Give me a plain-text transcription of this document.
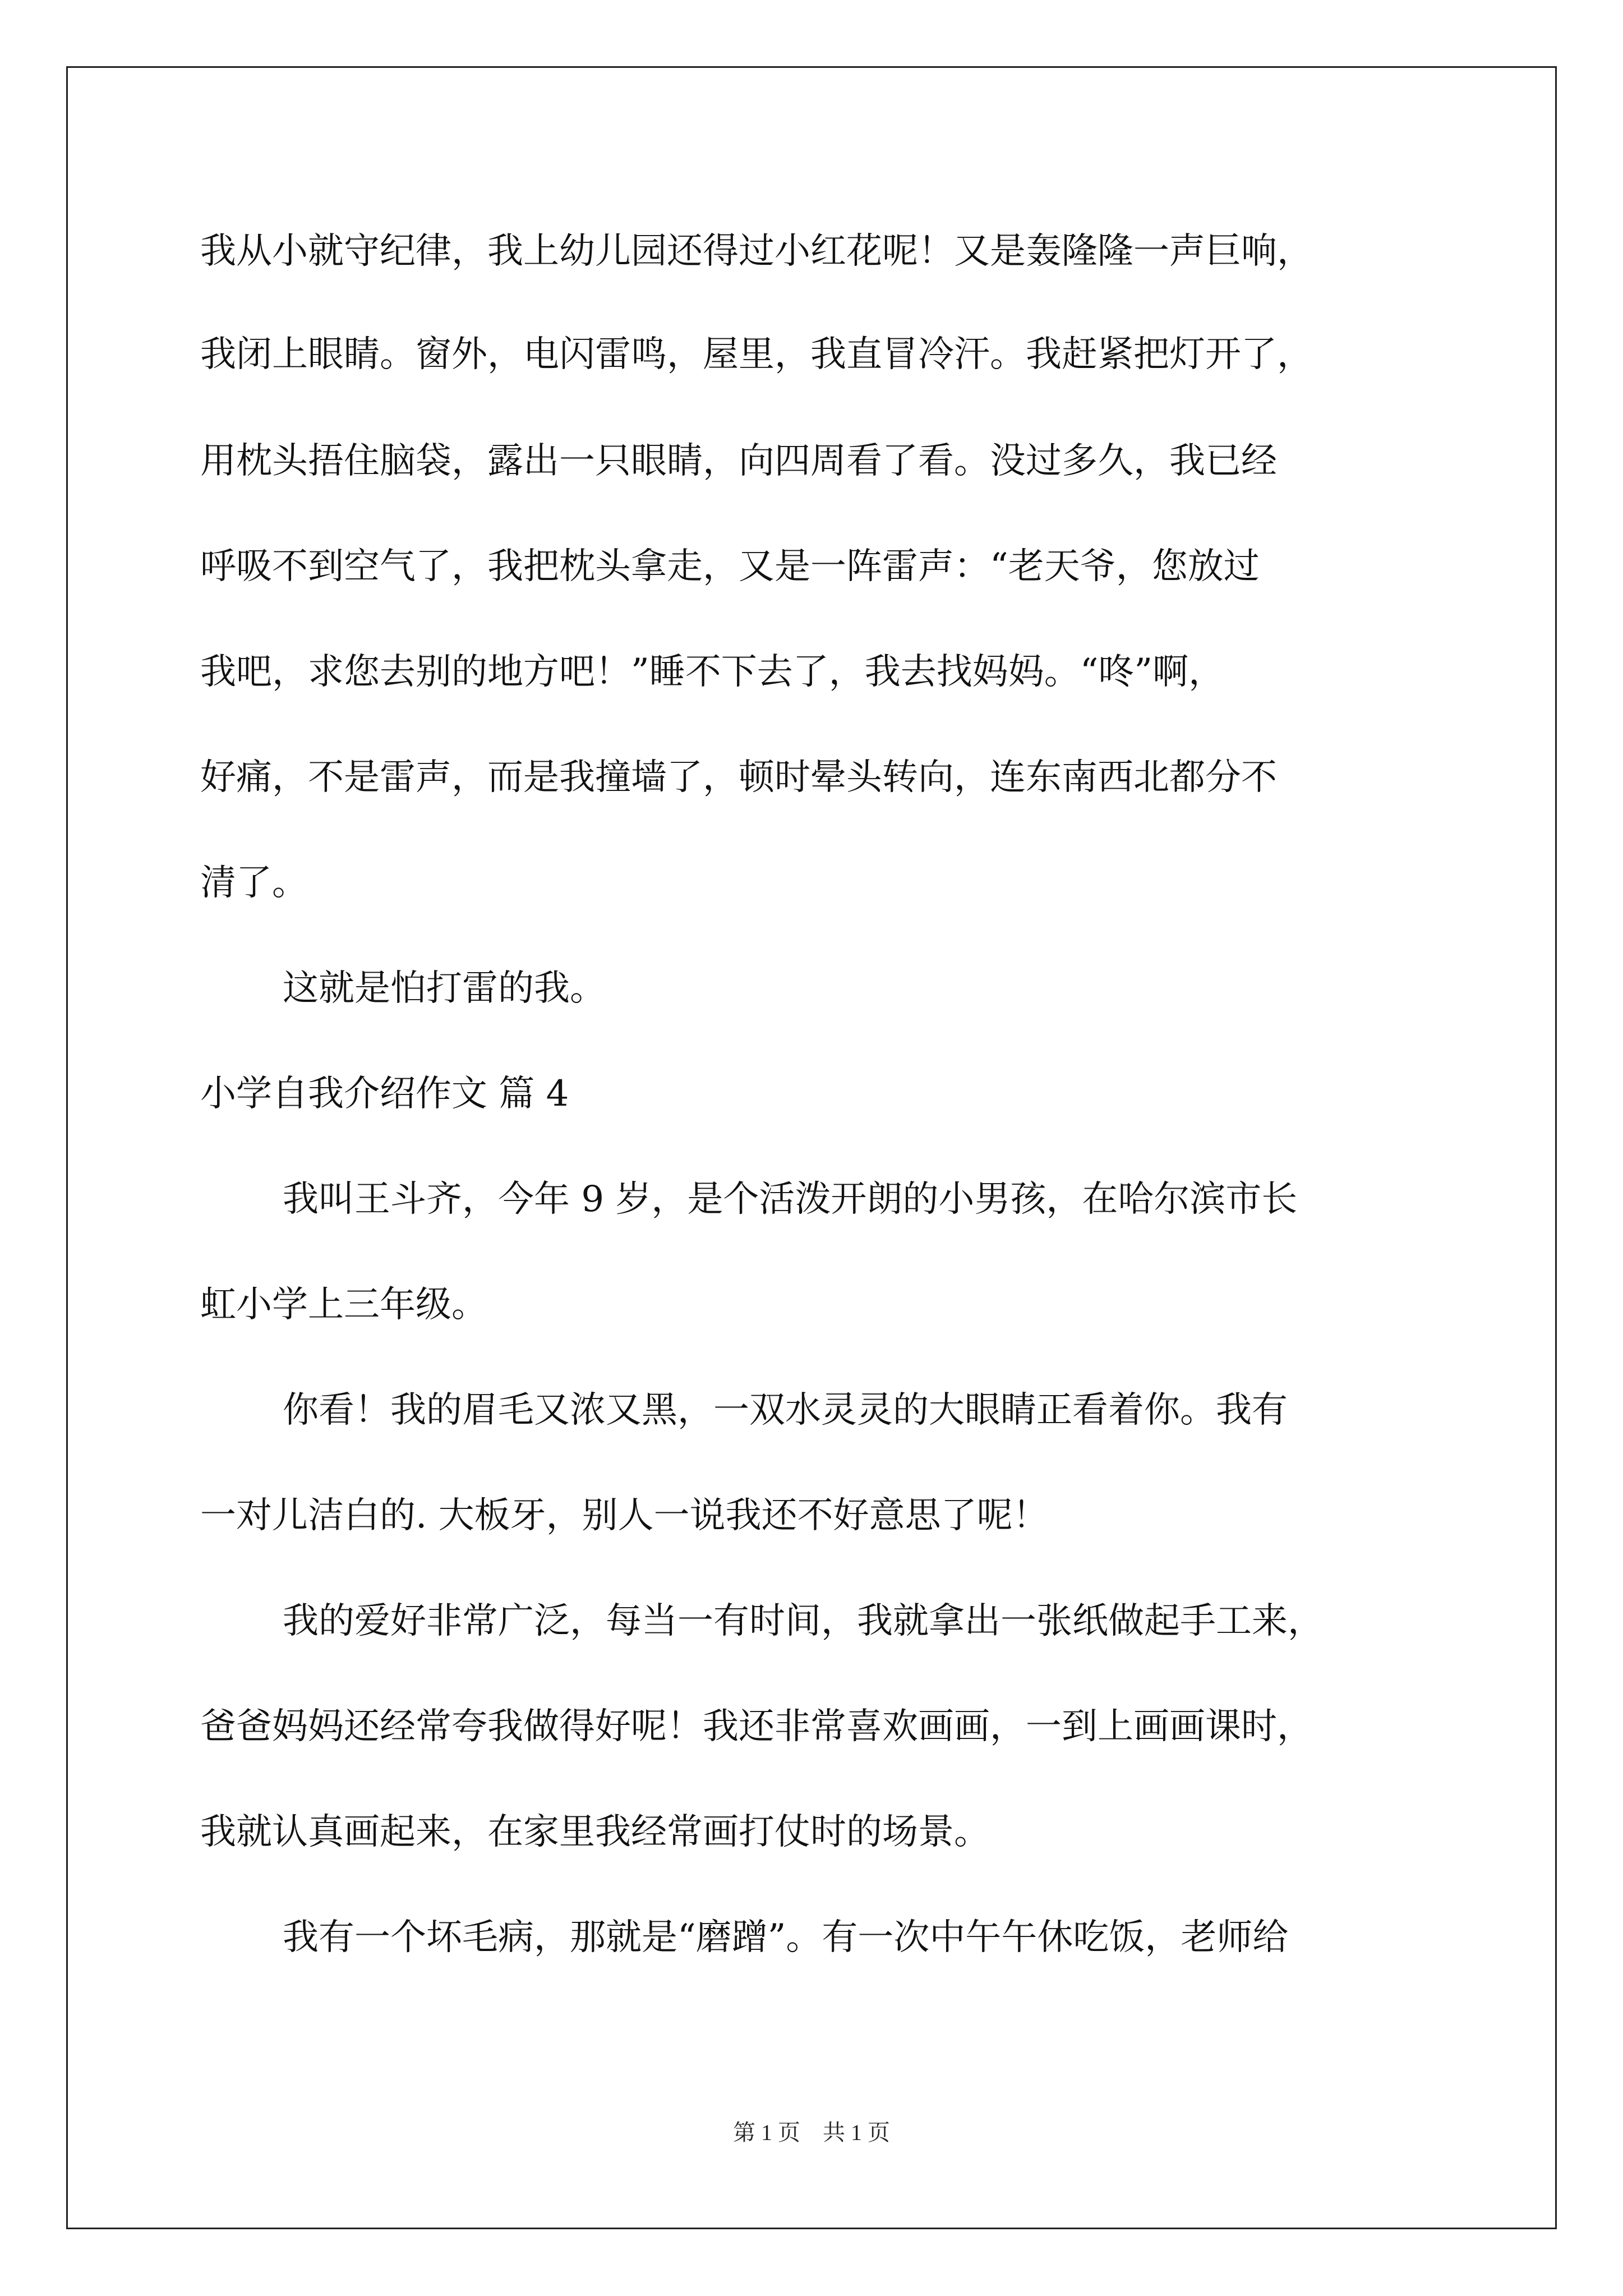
我从小就守纪律，我上幼儿园还得过小红花呢！又是轰隆隆一声巨响，
我闭上眼睛。窗外，电闪雷鸣，屋里，我直冒冷汗。我赶紧把灯开了，
用枕头捂住脑袋，露出一只眼睛，向四周看了看。没过多久，我已经
呼吸不到空气了，我把枕头拿走，又是一阵雷声：“老天爷，您放过
我吧，求您去别的地方吧！”睡不下去了，我去找妈妈。“咚”啊，
好痛，不是雷声，而是我撞墙了，顿时晕头转向，连东南西北都分不
清了。
这就是怕打雷的我。
小学自我介绍作文 篇 4
我叫王斗齐，今年 9 岁，是个活泼开朗的小男孩，在哈尔滨市长
虹小学上三年级。
你看！我的眉毛又浓又黑，一双水灵灵的大眼睛正看着你。我有
一对儿洁白的. 大板牙，别人一说我还不好意思了呢！
我的爱好非常广泛，每当一有时间，我就拿出一张纸做起手工来，
爸爸妈妈还经常夸我做得好呢！我还非常喜欢画画，一到上画画课时，
我就认真画起来，在家里我经常画打仗时的场景。
我有一个坏毛病，那就是“磨蹭”。有一次中午午休吃饭，老师给
第 1 页　共 1 页
